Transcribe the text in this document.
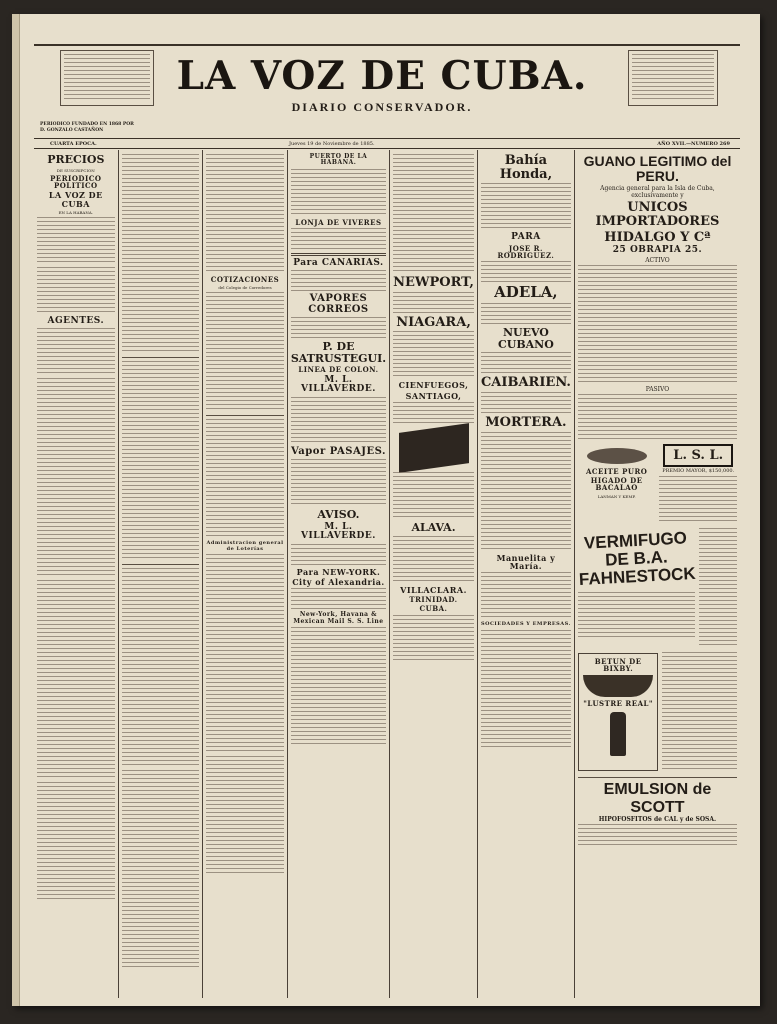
LA VOZ DE CUBA.
DIARIO CONSERVADOR.
PERIODICO FUNDADO EN 1868 POR
D. GONZALO CASTAÑON
CUARTA EPOCA.	Jueves 19 de Noviembre de 1885.	AÑO XVII.—NUMERO 269
PRECIOS
DE SUSCRIPCION
PERIODICO POLITICO
LA VOZ DE CUBA
EN LA HABANA.
AGENTES.
COTIZACIONES
del Colegio de Corredores
Administracion general de Loterías
PUERTO DE LA HABANA.
LONJA DE VIVERES
Para CANARIAS.
VAPORES CORREOS
P. DE SATRUSTEGUI.
LINEA DE COLON.
M. L. VILLAVERDE.
Vapor PASAJES.
AVISO.
M. L. VILLAVERDE.
Para NEW-YORK.
City of Alexandria.
New-York, Havana & Mexican Mail S. S. Line
NEWPORT,
NIAGARA,
CIENFUEGOS,
SANTIAGO,
ALAVA.
VILLACLARA.
TRINIDAD.
CUBA.
Bahía Honda,
PARA
JOSE R. RODRIGUEZ.
ADELA,
NUEVO CUBANO
CAIBARIEN.
MORTERA.
Manuelita y María.
SOCIEDADES Y EMPRESAS.
GUANO LEGITIMO del PERU.
Agencia general para la Isla de Cuba, exclusivamente y
UNICOS IMPORTADORES
HIDALGO Y Cª
25 OBRAPIA 25.
ACTIVO
PASIVO
ACEITE PURO
HIGADO DE BACALAO
LANMAN Y KEMP.
L. S. L.
PREMIO MAYOR, $150,000.
VERMIFUGO DE B.A. FAHNESTOCK
BETUN DE BIXBY.
"LUSTRE REAL"
EMULSION de SCOTT
HIPOFOSFITOS de CAL y de SOSA.
